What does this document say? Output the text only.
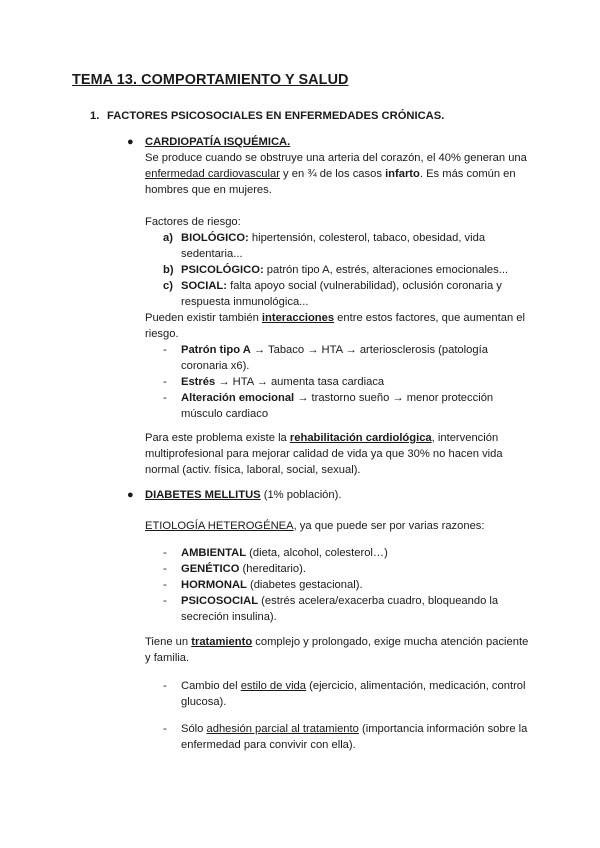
TEMA 13. COMPORTAMIENTO Y SALUD
1. FACTORES PSICOSOCIALES EN ENFERMEDADES CRÓNICAS.
● CARDIOPATÍA ISQUÉMICA.
Se produce cuando se obstruye una arteria del corazón, el 40% generan una
enfermedad cardiovascular y en ¾ de los casos infarto. Es más común en
hombres que en mujeres.
Factores de riesgo:
a) BIOLÓGICO: hipertensión, colesterol, tabaco, obesidad, vida
sedentaria...
b) PSICOLÓGICO: patrón tipo A, estrés, alteraciones emocionales...
c) SOCIAL: falta apoyo social (vulnerabilidad), oclusión coronaria y
respuesta inmunológica...
Pueden existir también interacciones entre estos factores, que aumentan el
riesgo.
- Patrón tipo A → Tabaco → HTA → arteriosclerosis (patología
coronaria x6).
- Estrés → HTA → aumenta tasa cardiaca
- Alteración emocional → trastorno sueño → menor protección
músculo cardiaco
Para este problema existe la rehabilitación cardiológica, intervención
multiprofesional para mejorar calidad de vida ya que 30% no hacen vida
normal (activ. física, laboral, social, sexual).
● DIABETES MELLITUS (1% población).
ETIOLOGÍA HETEROGÉNEA, ya que puede ser por varias razones:
- AMBIENTAL (dieta, alcohol, colesterol…)
- GENÉTICO (hereditario).
- HORMONAL (diabetes gestacional).
- PSICOSOCIAL (estrés acelera/exacerba cuadro, bloqueando la
secreción insulina).
Tiene un tratamiento complejo y prolongado, exige mucha atención paciente
y familia.
- Cambio del estilo de vida (ejercicio, alimentación, medicación, control
glucosa).
- Sólo adhesión parcial al tratamiento (importancia información sobre la
enfermedad para convivir con ella).
